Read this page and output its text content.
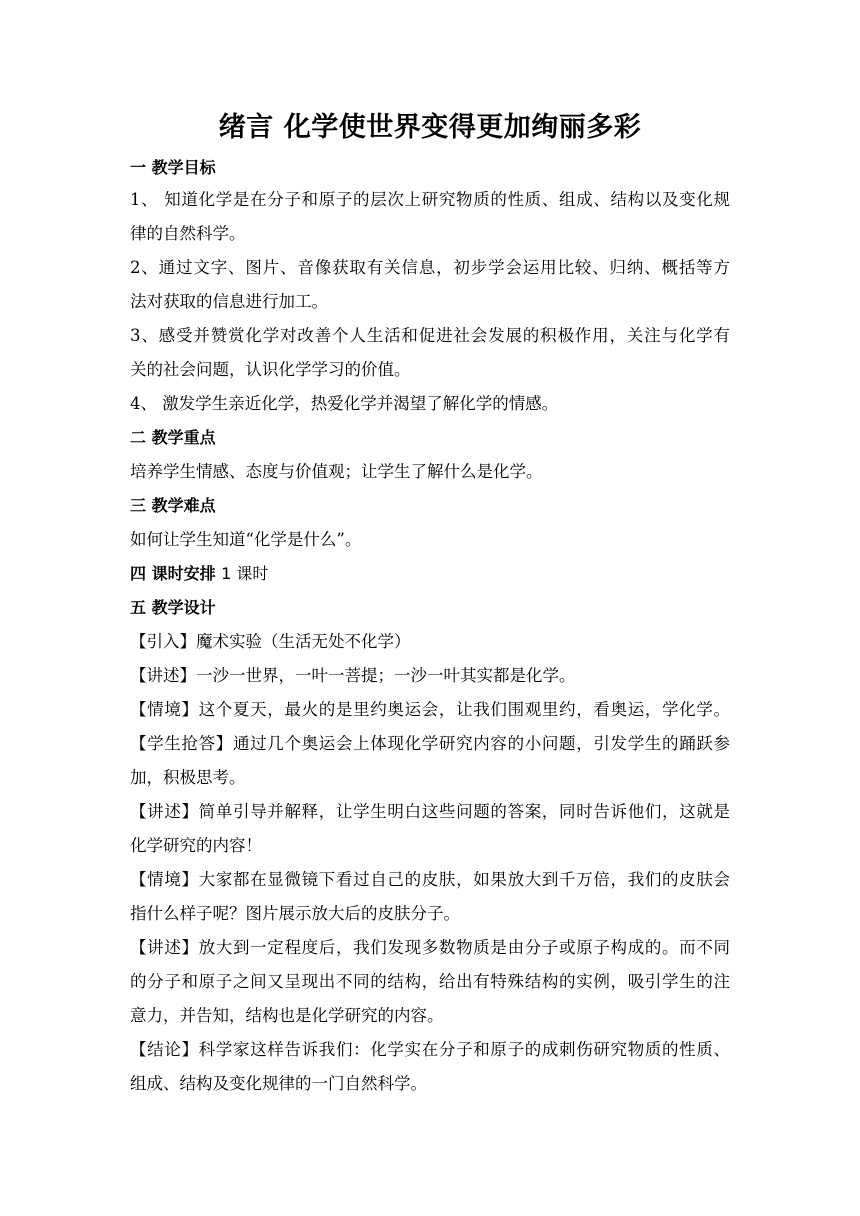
绪言 化学使世界变得更加绚丽多彩
一 教学目标
1、 知道化学是在分子和原子的层次上研究物质的性质、组成、结构以及变化规
律的自然科学。
2、通过文字、图片、音像获取有关信息，初步学会运用比较、归纳、概括等方
法对获取的信息进行加工。
3、感受并赞赏化学对改善个人生活和促进社会发展的积极作用，关注与化学有
关的社会问题，认识化学学习的价值。
4、 激发学生亲近化学，热爱化学并渴望了解化学的情感。
二 教学重点
培养学生情感、态度与价值观；让学生了解什么是化学。
三 教学难点
如何让学生知道“化学是什么”。
四 课时安排 1 课时
五 教学设计
【引入】魔术实验（生活无处不化学）
【讲述】一沙一世界，一叶一菩提；一沙一叶其实都是化学。
【情境】这个夏天，最火的是里约奥运会，让我们围观里约，看奥运，学化学。
【学生抢答】通过几个奥运会上体现化学研究内容的小问题，引发学生的踊跃参
加，积极思考。
【讲述】简单引导并解释，让学生明白这些问题的答案，同时告诉他们，这就是
化学研究的内容！
【情境】大家都在显微镜下看过自己的皮肤，如果放大到千万倍，我们的皮肤会
指什么样子呢？图片展示放大后的皮肤分子。
【讲述】放大到一定程度后，我们发现多数物质是由分子或原子构成的。而不同
的分子和原子之间又呈现出不同的结构，给出有特殊结构的实例，吸引学生的注
意力，并告知，结构也是化学研究的内容。
【结论】科学家这样告诉我们：化学实在分子和原子的成刺伤研究物质的性质、
组成、结构及变化规律的一门自然科学。
